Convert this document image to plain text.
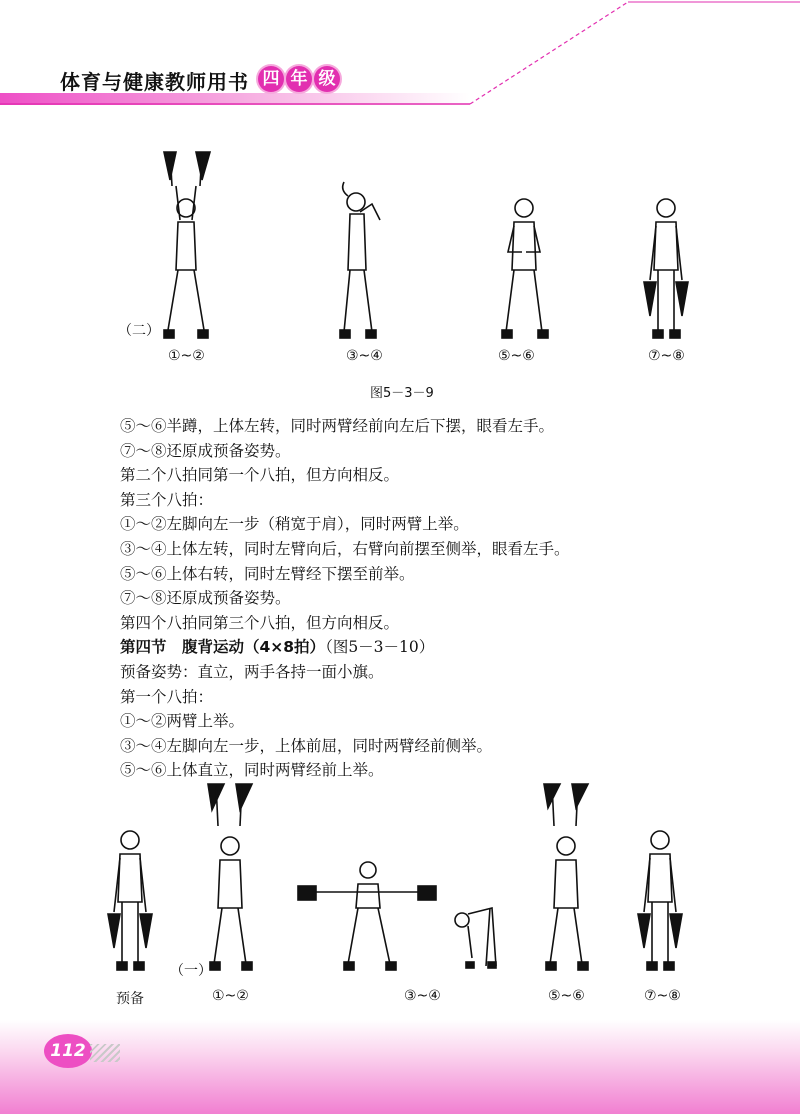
体育与健康教师用书 四 年 级
（二）
①~②	③~④	⑤~⑥	⑦~⑧
图5－3－9

⑤～⑥半蹲，上体左转，同时两臂经前向左后下摆，眼看左手。

⑦～⑧还原成预备姿势。

第二个八拍同第一个八拍，但方向相反。

第三个八拍：

①～②左脚向左一步（稍宽于肩），同时两臂上举。

③～④上体左转，同时左臂向后，右臂向前摆至侧举，眼看左手。

⑤～⑥上体右转，同时左臂经下摆至前举。

⑦～⑧还原成预备姿势。

第四个八拍同第三个八拍，但方向相反。

第四节　腹背运动（4×8拍）（图5－3－10）

预备姿势：直立，两手各持一面小旗。

第一个八拍：

①～②两臂上举。

③～④左脚向左一步，上体前屈，同时两臂经前侧举。

⑤～⑥上体直立，同时两臂经前上举。

（一）
预备	①~②	③~④	⑤~⑥	⑦~⑧
112
